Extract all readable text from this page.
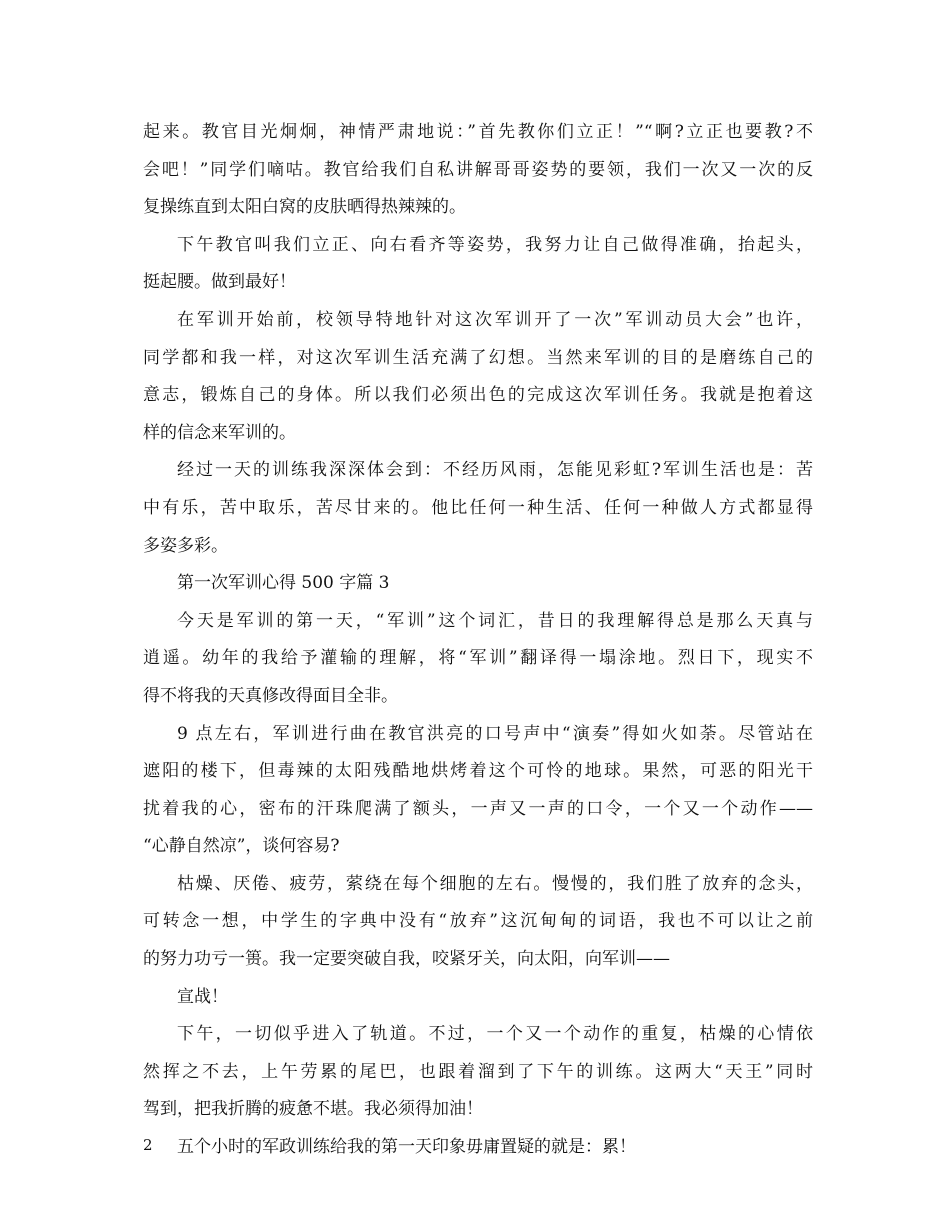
起来。教官目光炯炯，神情严肃地说：”首先教你们立正！”“啊?立正也要教?不
会吧！”同学们嘀咕。教官给我们自私讲解哥哥姿势的要领，我们一次又一次的反
复操练直到太阳白窝的皮肤晒得热辣辣的。
下午教官叫我们立正、向右看齐等姿势，我努力让自己做得准确，抬起头，
挺起腰。做到最好！
在军训开始前，校领导特地针对这次军训开了一次”军训动员大会”也许，
同学都和我一样，对这次军训生活充满了幻想。当然来军训的目的是磨练自己的
意志，锻炼自己的身体。所以我们必须出色的完成这次军训任务。我就是抱着这
样的信念来军训的。
经过一天的训练我深深体会到：不经历风雨，怎能见彩虹?军训生活也是：苦
中有乐，苦中取乐，苦尽甘来的。他比任何一种生活、任何一种做人方式都显得
多姿多彩。
第一次军训心得 500 字篇 3
今天是军训的第一天，“军训”这个词汇，昔日的我理解得总是那么天真与
逍遥。幼年的我给予灌输的理解，将“军训”翻译得一塌涂地。烈日下，现实不
得不将我的天真修改得面目全非。
9 点左右，军训进行曲在教官洪亮的口号声中“演奏”得如火如荼。尽管站在
遮阳的楼下，但毒辣的太阳残酷地烘烤着这个可怜的地球。果然，可恶的阳光干
扰着我的心，密布的汗珠爬满了额头，一声又一声的口令，一个又一个动作——
“心静自然凉”，谈何容易?
枯燥、厌倦、疲劳，萦绕在每个细胞的左右。慢慢的，我们胜了放弃的念头，
可转念一想，中学生的字典中没有“放弃”这沉甸甸的词语，我也不可以让之前
的努力功亏一篑。我一定要突破自我，咬紧牙关，向太阳，向军训——
宣战！
下午，一切似乎进入了轨道。不过，一个又一个动作的重复，枯燥的心情依
然挥之不去，上午劳累的尾巴，也跟着溜到了下午的训练。这两大“天王”同时
驾到，把我折腾的疲惫不堪。我必须得加油！
五个小时的军政训练给我的第一天印象毋庸置疑的就是：累！
2
